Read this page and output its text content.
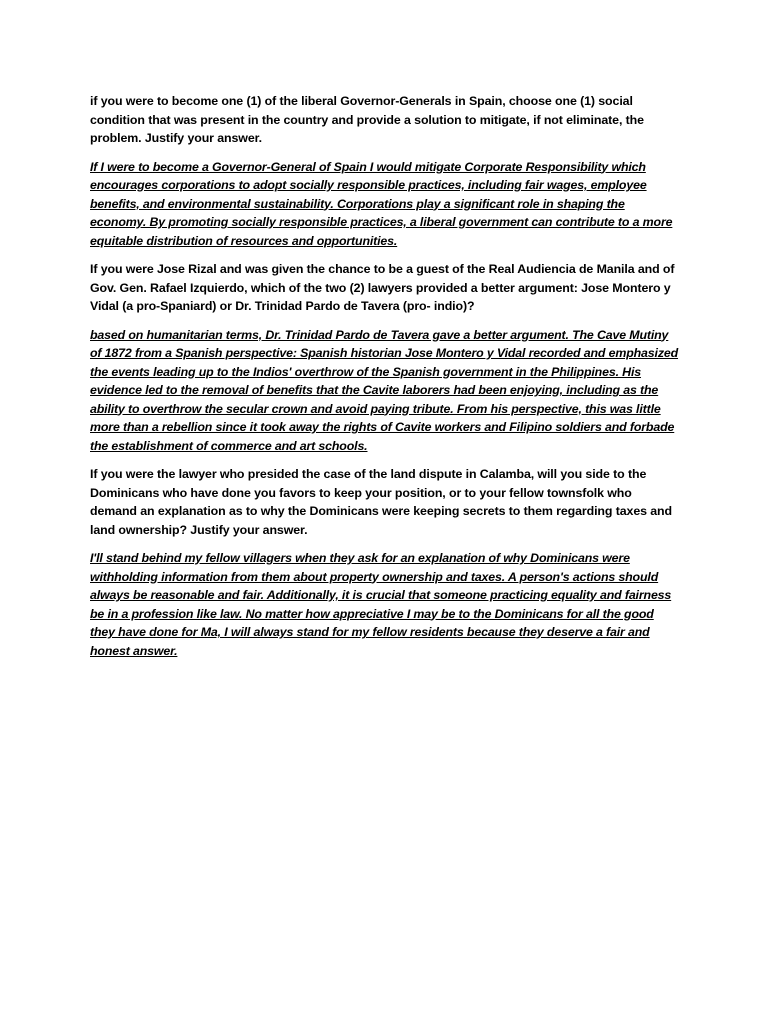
if you were to become one (1) of the liberal Governor-Generals in Spain, choose one (1) social condition that was present in the country and provide a solution to mitigate, if not eliminate, the problem. Justify your answer.

If I were to become a Governor-General of Spain I would mitigate Corporate Responsibility which encourages corporations to adopt socially responsible practices, including fair wages, employee benefits, and environmental sustainability. Corporations play a significant role in shaping the economy. By promoting socially responsible practices, a liberal government can contribute to a more equitable distribution of resources and opportunities.

If you were Jose Rizal and was given the chance to be a guest of the Real Audiencia de Manila and of Gov. Gen. Rafael Izquierdo, which of the two (2) lawyers provided a better argument: Jose Montero y Vidal (a pro-Spaniard) or Dr. Trinidad Pardo de Tavera (pro- indio)?

based on humanitarian terms, Dr. Trinidad Pardo de Tavera gave a better argument. The Cave Mutiny of 1872 from a Spanish perspective: Spanish historian Jose Montero y Vidal recorded and emphasized the events leading up to the Indios' overthrow of the Spanish government in the Philippines. His evidence led to the removal of benefits that the Cavite laborers had been enjoying, including as the ability to overthrow the secular crown and avoid paying tribute. From his perspective, this was little more than a rebellion since it took away the rights of Cavite workers and Filipino soldiers and forbade the establishment of commerce and art schools.

If you were the lawyer who presided the case of the land dispute in Calamba, will you side to the Dominicans who have done you favors to keep your position, or to your fellow townsfolk who demand an explanation as to why the Dominicans were keeping secrets to them regarding taxes and land ownership? Justify your answer.

I'll stand behind my fellow villagers when they ask for an explanation of why Dominicans were withholding information from them about property ownership and taxes. A person's actions should always be reasonable and fair. Additionally, it is crucial that someone practicing equality and fairness be in a profession like law. No matter how appreciative I may be to the Dominicans for all the good they have done for Ma, I will always stand for my fellow residents because they deserve a fair and honest answer.
